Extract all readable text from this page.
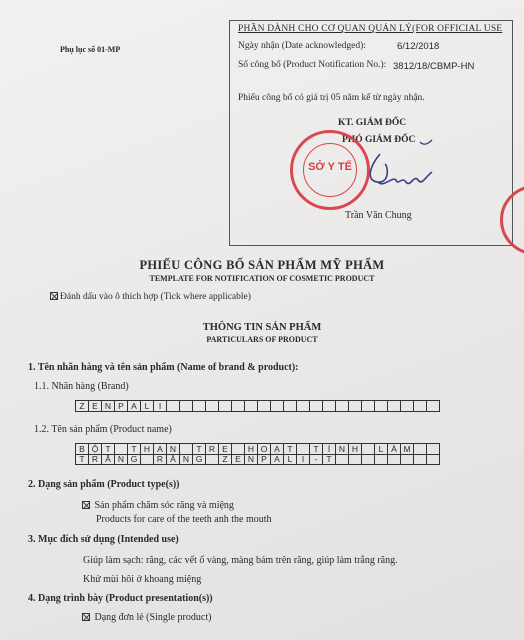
Phụ lục số 01-MP
PHẦN DÀNH CHO CƠ QUAN QUẢN LÝ(FOR OFFICIAL USE
Ngày nhận (Date acknowledged):	6/12/2018
Số công bố (Product Notification No.): 3812/18/CBMP-HN
Phiếu công bố có giá trị 05 năm kể từ ngày nhận.
KT. GIÁM ĐỐC
PHÓ GIÁM ĐỐC
Trần Văn Chung
SỞ Y TẾ
PHIẾU CÔNG BỐ SẢN PHẨM MỸ PHẨM
TEMPLATE FOR NOTIFICATION OF COSMETIC PRODUCT
Đánh dấu vào ô thích hợp (Tick where applicable)
THÔNG TIN SẢN PHẨM
PARTICULARS OF PRODUCT
1. Tên nhãn hàng và tên sản phẩm (Name of brand & product):
1.1. Nhãn hàng (Brand)
Z E N P A L	I
1.2. Tên sản phẩm (Product name)
B Ộ T	T H A N	T R E	H O Ạ T	T	Í	N H	L À M
T R Ắ N G	R Ă N G	Z E N P A L	I	-	T
2. Dạng sản phẩm (Product type(s))
Sản phẩm chăm sóc răng và miệng
Products for care of the teeth anh the mouth
3. Mục đích sử dụng (Intended use)
Giúp làm sạch: răng, các vết ố vàng, màng bám trên răng, giúp làm trắng răng.
Khử mùi hôi ở khoang miệng
4. Dạng trình bày (Product presentation(s))
Dạng đơn lẻ (Single product)
